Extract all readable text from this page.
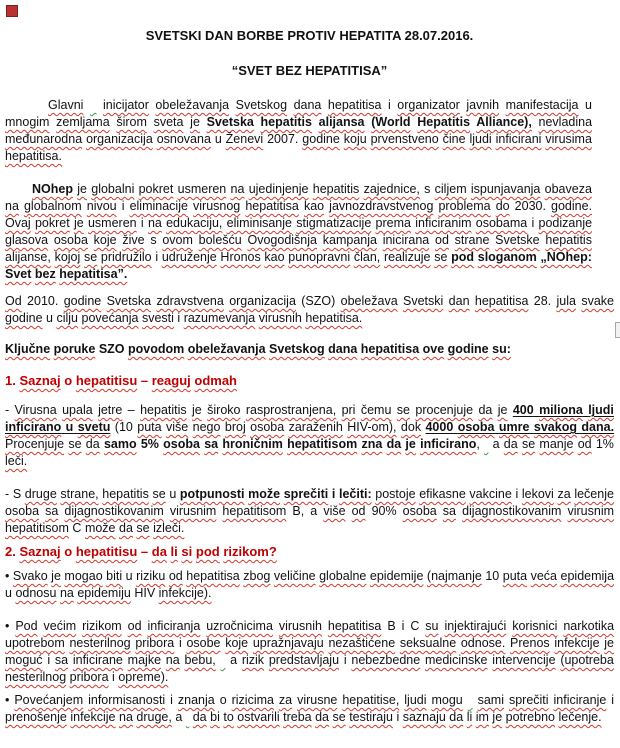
SVETSKI DAN BORBE PROTIV HEPATITA 28.07.2016.
“SVET BEZ HEPATITISA”
Glavni inicijator obeležavanja Svetskog dana hepatitisa i organizator javnih manifestacija u mnogim zemljama širom sveta je Svetska hepatitis alijansa (World Hepatitis Alliance), nevladina međunarodna organizacija osnovana u Ženevi 2007. godine koju prvenstveno čine ljudi inficirani virusima hepatitisa.
NOhep je globalni pokret usmeren na ujedinjenje hepatitis zajednice, s ciljem ispunjavanja obaveza na globalnom nivou i eliminacije virusnog hepatitisa kao javnozdravstvenog problema do 2030. godine. Ovaj pokret je usmeren i na edukaciju, eliminisanje stigmatizacije prema inficiranim osobama i podizanje glasova osoba koje žive s ovom bolešću Ovogodišnja kampanja inicirana od strane Svetske hepatitis alijanse, kojoj se pridružilo i udruženje Hronos kao punopravni član, realizuje se pod sloganom „NOhep: Svet bez hepatitisa”.
Od 2010. godine Svetska zdravstvena organizacija (SZO) obeležava Svetski dan hepatitisa 28. jula svake godine u cilju povećanja svesti i razumevanja virusnih hepatitisa.
Ključne poruke SZO povodom obeležavanja Svetskog dana hepatitisa ove godine su:
1. Saznaj o hepatitisu – reaguj odmah
- Virusna upala jetre – hepatitis je široko rasprostranjena, pri čemu se procenjuje da je 400 miliona ljudi inficirano u svetu (10 puta više nego broj osoba zaraženih HIV-om), dok 4000 osoba umre svakog dana. Procenjuje se da samo 5% osoba sa hroničnim hepatitisom zna da je inficirano, a da se manje od 1% leči.
- S druge strane, hepatitis se u potpunosti može sprečiti i lečiti: postoje efikasne vakcine i lekovi za lečenje osoba sa dijagnostikovanim virusnim hepatitisom B, a više od 90% osoba sa dijagnostikovanim virusnim hepatitisom C može da se izleči.
2. Saznaj o hepatitisu – da li si pod rizikom?
• Svako je mogao biti u riziku od hepatitisa zbog veličine globalne epidemije (najmanje 10 puta veća epidemija u odnosu na epidemiju HIV infekcije).
• Pod većim rizikom od inficiranja uzročnicima virusnih hepatitisa B i C su injektirajući korisnici narkotika upotrebom nesterilnog pribora i osobe koje upražnjavaju nezaštićene seksualne odnose. Prenos infekcije je moguć i sa inficirane majke na bebu, a rizik predstavljaju i nebezbedne medicinske intervencije (upotreba nesterilnog pribora i opreme).
• Povećanjem informisanosti i znanja o rizicima za virusne hepatitise, ljudi mogu sami sprečiti inficiranje i prenošenje infekcije na druge, a da bi to ostvarili treba da se testiraju i saznaju da li im je potrebno lečenje.
